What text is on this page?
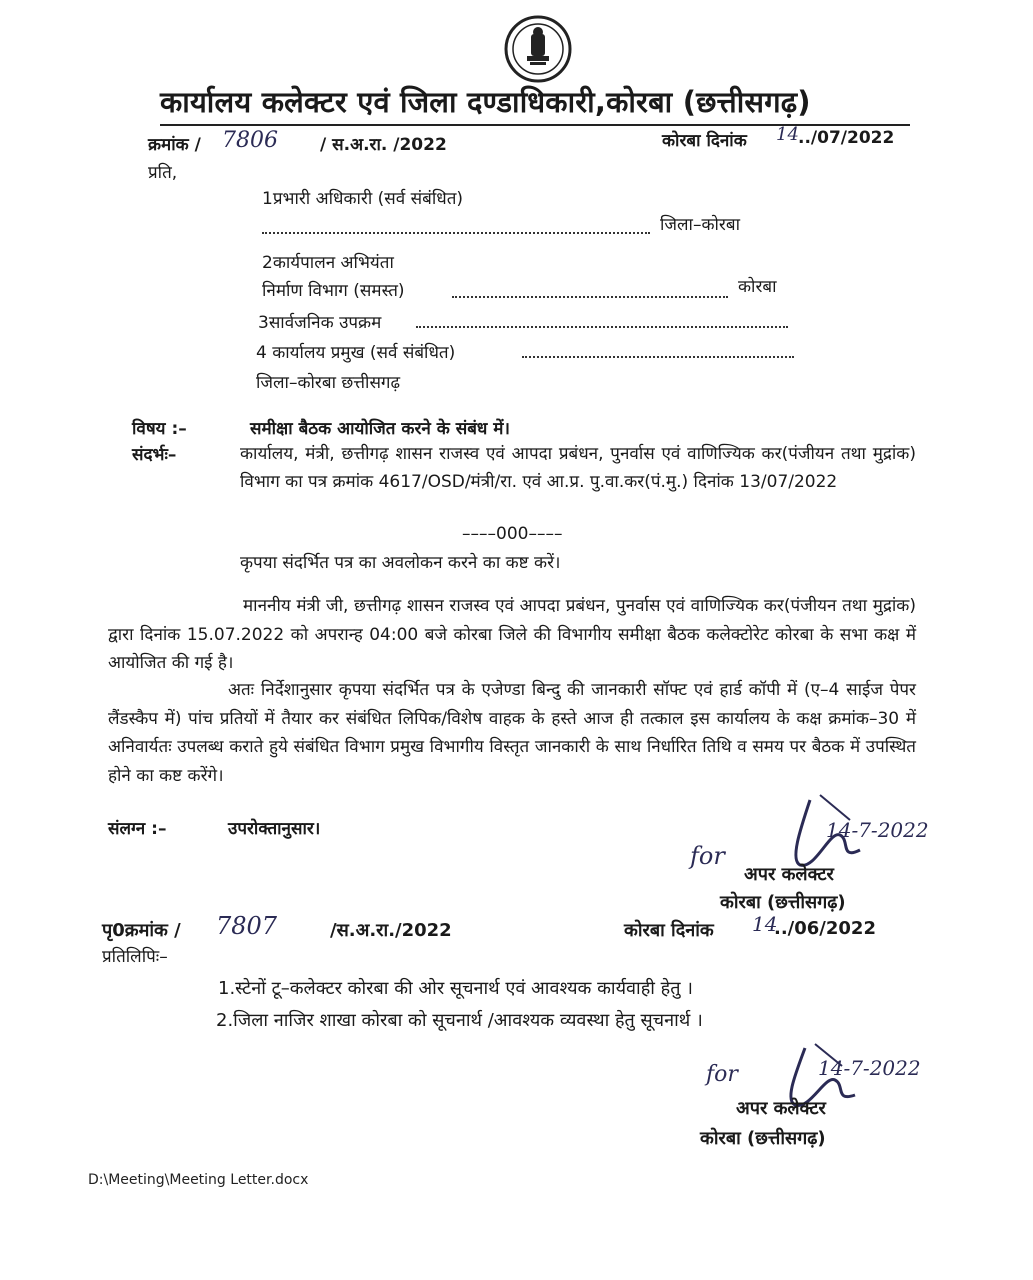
कार्यालय कलेक्टर एवं जिला दण्डाधिकारी,कोरबा (छत्तीसगढ़)
क्रमांक / 7806 / स.अ.रा. /2022	कोरबा दिनांक 14 ../07/2022
प्रति,
1प्रभारी अधिकारी (सर्व संबंधित)
जिला–कोरबा
2कार्यपालन अभियंता
निर्माण विभाग (समस्त)	कोरबा
3सार्वजनिक उपक्रम
4 कार्यालय प्रमुख (सर्व संबंधित)
जिला–कोरबा छत्तीसगढ़
विषय :–	समीक्षा बैठक आयोजित करने के संबंध में।
संदर्भः–	कार्यालय, मंत्री, छत्तीगढ़ शासन राजस्व एवं आपदा प्रबंधन, पुनर्वास एवं वाणिज्यिक कर(पंजीयन तथा मुद्रांक) विभाग का पत्र क्रमांक 4617/OSD/मंत्री/रा. एवं आ.प्र. पु.वा.कर(पं.मु.) दिनांक 13/07/2022
––––000––––
कृपया संदर्भित पत्र का अवलोकन करने का कष्ट करें।
माननीय मंत्री जी, छत्तीगढ़ शासन राजस्व एवं आपदा प्रबंधन, पुनर्वास एवं वाणिज्यिक कर(पंजीयन तथा मुद्रांक) द्वारा दिनांक 15.07.2022 को अपरान्ह 04:00 बजे कोरबा जिले की विभागीय समीक्षा बैठक कलेक्टोरेट कोरबा के सभा कक्ष में आयोजित की गई है।
अतः निर्देशानुसार कृपया संदर्भित पत्र के एजेण्डा बिन्दु की जानकारी सॉफ्ट एवं हार्ड कॉपी में (ए–4 साईज पेपर लैंडस्कैप में) पांच प्रतियों में तैयार कर संबंधित लिपिक/विशेष वाहक के हस्ते आज ही तत्काल इस कार्यालय के कक्ष क्रमांक–30 में अनिवार्यतः उपलब्ध कराते हुये संबंधित विभाग प्रमुख विभागीय विस्तृत जानकारी के साथ निर्धारित तिथि व समय पर बैठक में उपस्थित होने का कष्ट करेंगे।
संलग्न :–	उपरोक्तानुसार।
for
14-7-2022
अपर कलेक्टर
कोरबा (छत्तीसगढ़)
पृ0क्रमांक / 7807	/स.अ.रा./2022	कोरबा दिनांक 14
../06/2022
प्रतिलिपिः–
1.स्टेनों टू–कलेक्टर कोरबा की ओर सूचनार्थ एवं आवश्यक कार्यवाही हेतु ।
2.जिला नाजिर शाखा कोरबा को सूचनार्थ /आवश्यक व्यवस्था हेतु सूचनार्थ ।
for	14-7-2022
अपर कलेक्टर
कोरबा (छत्तीसगढ़)
D:\Meeting\Meeting Letter.docx
